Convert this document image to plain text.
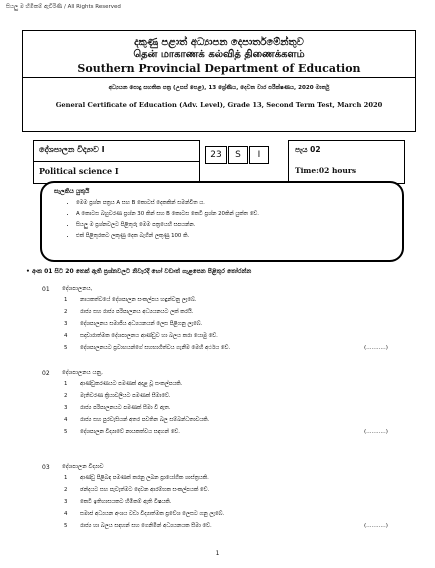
සියලු ම හිමිකම් ඇවිරිණි / All Rights Reserved
දකුණු පළාත් අධ්‍යාපන දෙපාර්තමේන්තුව
தென் மாகாணக் கல்வித் திணைக்களம்
Southern Provincial Department of Education
අධ්‍යයන පොදු සහතික පත්‍ර (උසස් පෙළ), 13 ශ්‍රේණිය, දෙවන වාර පරීක්ෂණය, 2020 මාර්තු
General Certificate of Education (Adv. Level), Grade 13, Second Term Test, March 2020
දේශපාලන විද්‍යාව I
Political science I
23	S	I
පැය 02
Time:02 hours
සැලකිය යුතුයි
• මෙම ප්‍රශ්න පත්‍රය A සහ B කොටස් දෙකකින් සමන්විත ය.
• A කොටස බහුවරණ ප්‍රශ්න 30 කින් සහ B කොටස කෙටි ප්‍රශ්න 20කින් යුක්ත වේ.
• සියලු ම ප්‍රශ්නවලට පිළිතුරු මෙම පත්‍රයෙහි සපයන්න.
• එක් පිළිතුරකට ලකුණු දෙක බැගින් ලකුණු 100 කි.
• අංක 01 සිට 20 තෙක් ඇති ප්‍රශ්නවලට නිවැරදි හෝ වඩාත් ගැළපෙන පිළිතුර තෝරන්න
01 දේශපාලනය,
1 නායකත්වයේ දේශපාලන සංකල්පය හඳුන්වනු ලැබේ.
2 රාජ්‍ය සහ රාජ්‍ය පරිපාලනය අධ්‍යයනයට ලක් කරයි.
3 දේශපාලනය සමාජීය අධ්‍යයනයන් ලෙස පිළිගනු ලැබේ.
4 සදාචාරාත්මක දේශපාලනය ආණ්ඩුව හා බලය කරා යොමු වේ.
5 දේශපාලනයට ප්‍රවාහයන්ගේ සහභාගිත්වය ගැනීම මෙහි අර්ථය වේ.	(...........)
02 දේශපාලනය යනු,
1 ආණ්ඩුකරණයට පමණක් අදාළ වූ සංකල්පයකි.
2 මැතිවරණ ක්‍රියාවලියට පමණක් සීමාවේ.
3 රාජ්‍ය පරිපාලනයට පමණක් සීමා වී ඇත.
4 රාජ්‍ය සහ පුරවැසියන් අතර පවතින බල සම්බන්ධතාවයකි.
5 දේශපාලන විද්‍යාවේ නායකත්වය සඳහන් වේ.	(...........)
03 දේශපාලන විද්‍යාව
1 ආණ්ඩු පිළිබඳ පමණක් කරනු ලබන ප්‍රායෝගික ශාස්ත්‍රයකි.
2 ඡන්දයට සහ පැවැත්මට දෙවන ආරම්භක සංකල්පයක් වේ.
3 කෙටි ඉතිහාසයකට හිමිකම් ඇති විෂයකි.
4 සමාජ අධ්‍යයන අංශය වඩා විද්‍යාත්මක ප්‍රවේශ ලෙසට ගනු ලැබේ.
5 රාජ්‍ය හා බලය සඳහන් සහ ගෙනිමින් අධ්‍යයනයක සීමා වේ.	(...........)
1
